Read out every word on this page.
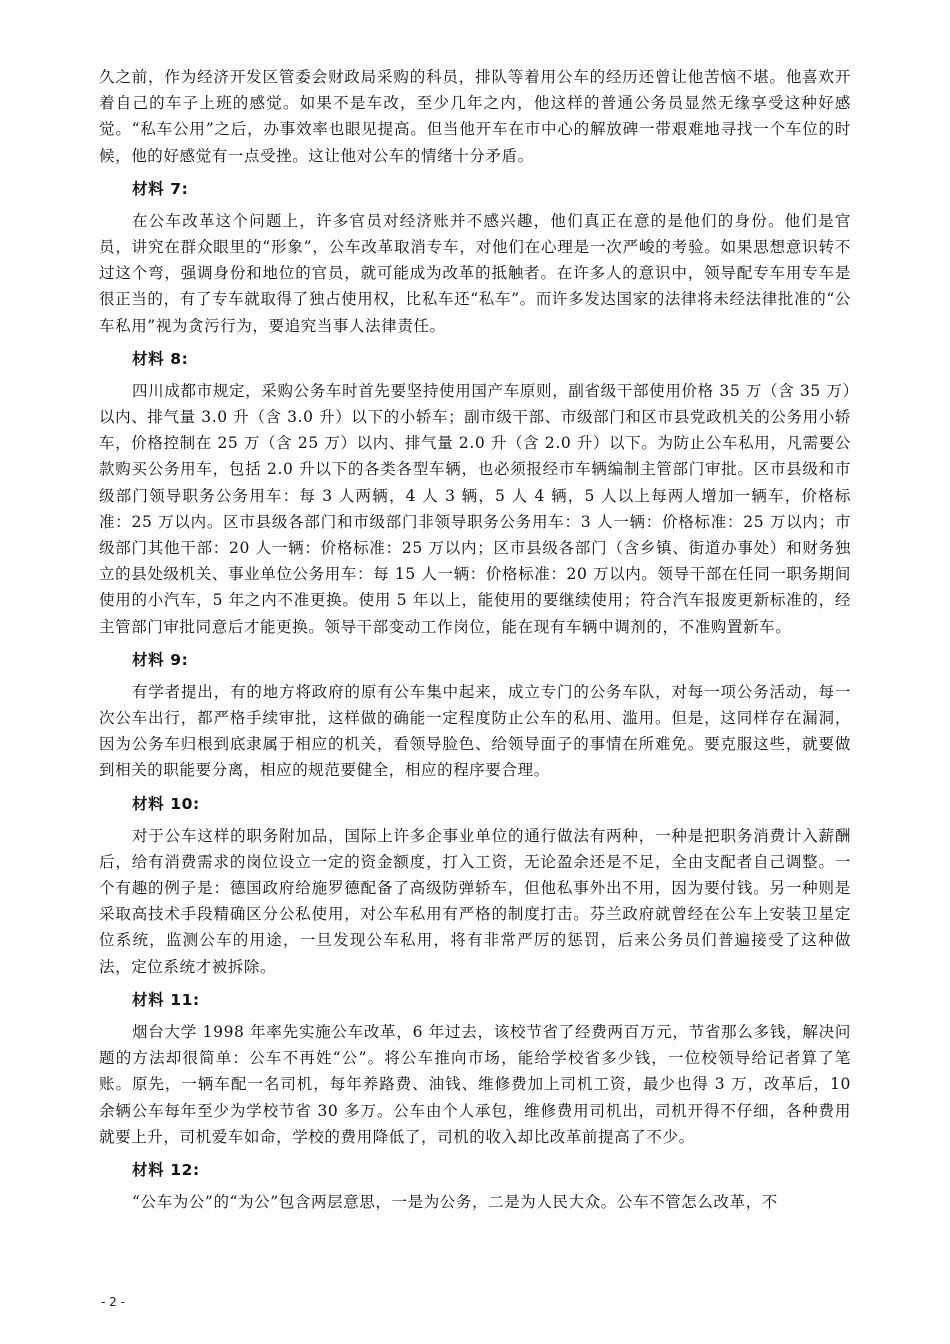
久之前，作为经济开发区管委会财政局采购的科员，排队等着用公车的经历还曾让他苦恼不堪。他喜欢开着自己的车子上班的感觉。如果不是车改，至少几年之内，他这样的普通公务员显然无缘享受这种好感觉。“私车公用”之后，办事效率也眼见提高。但当他开车在市中心的解放碑一带艰难地寻找一个车位的时候，他的好感觉有一点受挫。这让他对公车的情绪十分矛盾。

材料 7:

在公车改革这个问题上，许多官员对经济账并不感兴趣，他们真正在意的是他们的身份。他们是官员，讲究在群众眼里的“形象”，公车改革取消专车，对他们在心理是一次严峻的考验。如果思想意识转不过这个弯，强调身份和地位的官员，就可能成为改革的抵触者。在许多人的意识中，领导配专车用专车是很正当的，有了专车就取得了独占使用权，比私车还“私车”。而许多发达国家的法律将未经法律批准的“公车私用”视为贪污行为，要追究当事人法律责任。

材料 8:

四川成都市规定，采购公务车时首先要坚持使用国产车原则，副省级干部使用价格 35 万（含 35 万）以内、排气量 3.0 升（含 3.0 升）以下的小轿车；副市级干部、市级部门和区市县党政机关的公务用小轿车，价格控制在 25 万（含 25 万）以内、排气量 2.0 升（含 2.0 升）以下。为防止公车私用，凡需要公款购买公务用车，包括 2.0 升以下的各类各型车辆，也必须报经市车辆编制主管部门审批。区市县级和市级部门领导职务公务用车：每 3 人两辆，4 人 3 辆，5 人 4 辆，5 人以上每两人增加一辆车，价格标准：25 万以内。区市县级各部门和市级部门非领导职务公务用车：3 人一辆：价格标准：25 万以内；市级部门其他干部：20 人一辆：价格标准：25 万以内；区市县级各部门（含乡镇、街道办事处）和财务独立的县处级机关、事业单位公务用车：每 15 人一辆：价格标准：20 万以内。领导干部在任同一职务期间使用的小汽车，5 年之内不准更换。使用 5 年以上，能使用的要继续使用；符合汽车报废更新标准的，经主管部门审批同意后才能更换。领导干部变动工作岗位，能在现有车辆中调剂的，不准购置新车。

材料 9:

有学者提出，有的地方将政府的原有公车集中起来，成立专门的公务车队，对每一项公务活动，每一次公车出行，都严格手续审批，这样做的确能一定程度防止公车的私用、滥用。但是，这同样存在漏洞，因为公务车归根到底隶属于相应的机关，看领导脸色、给领导面子的事情在所难免。要克服这些，就要做到相关的职能要分离，相应的规范要健全，相应的程序要合理。

材料 10:

对于公车这样的职务附加品，国际上许多企事业单位的通行做法有两种，一种是把职务消费计入薪酬后，给有消费需求的岗位设立一定的资金额度，打入工资，无论盈余还是不足，全由支配者自己调整。一个有趣的例子是：德国政府给施罗德配备了高级防弹轿车，但他私事外出不用，因为要付钱。另一种则是采取高技术手段精确区分公私使用，对公车私用有严格的制度打击。芬兰政府就曾经在公车上安装卫星定位系统，监测公车的用途，一旦发现公车私用，将有非常严厉的惩罚，后来公务员们普遍接受了这种做法，定位系统才被拆除。

材料 11:

烟台大学 1998 年率先实施公车改革，6 年过去，该校节省了经费两百万元，节省那么多钱，解决问题的方法却很简单：公车不再姓“公”。将公车推向市场，能给学校省多少钱，一位校领导给记者算了笔账。原先，一辆车配一名司机，每年养路费、油钱、维修费加上司机工资，最少也得 3 万，改革后，10 余辆公车每年至少为学校节省 30 多万。公车由个人承包，维修费用司机出，司机开得不仔细，各种费用就要上升，司机爱车如命，学校的费用降低了，司机的收入却比改革前提高了不少。

材料 12:

“公车为公”的“为公”包含两层意思，一是为公务，二是为人民大众。公车不管怎么改革，不

- 2 -
